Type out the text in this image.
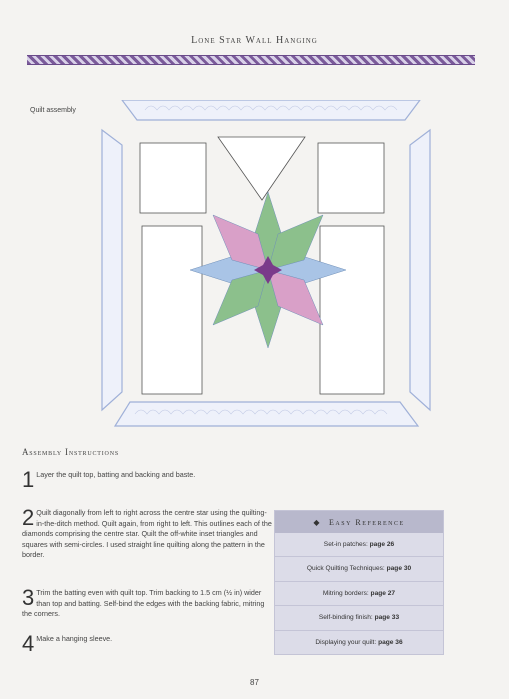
Lone Star Wall Hanging
Quilt assembly
Assembly Instructions
1 Layer the quilt top, batting and backing and baste.
2 Quilt diagonally from left to right across the centre star using the quilting-in-the-ditch method. Quilt again, from right to left. This outlines each of the diamonds comprising the centre star. Quilt the off-white inset triangles and squares with semi-circles. I used straight line quilting along the pattern in the border.
3 Trim the batting even with quilt top. Trim backing to 1.5 cm (½ in) wider than top and batting. Self-bind the edges with the backing fabric, mitring the corners.
4 Make a hanging sleeve.
◆ Easy Reference
Set-in patches: page 26
Quick Quilting Techniques: page 30
Mitring borders: page 27
Self-binding finish: page 33
Displaying your quilt: page 36
87
